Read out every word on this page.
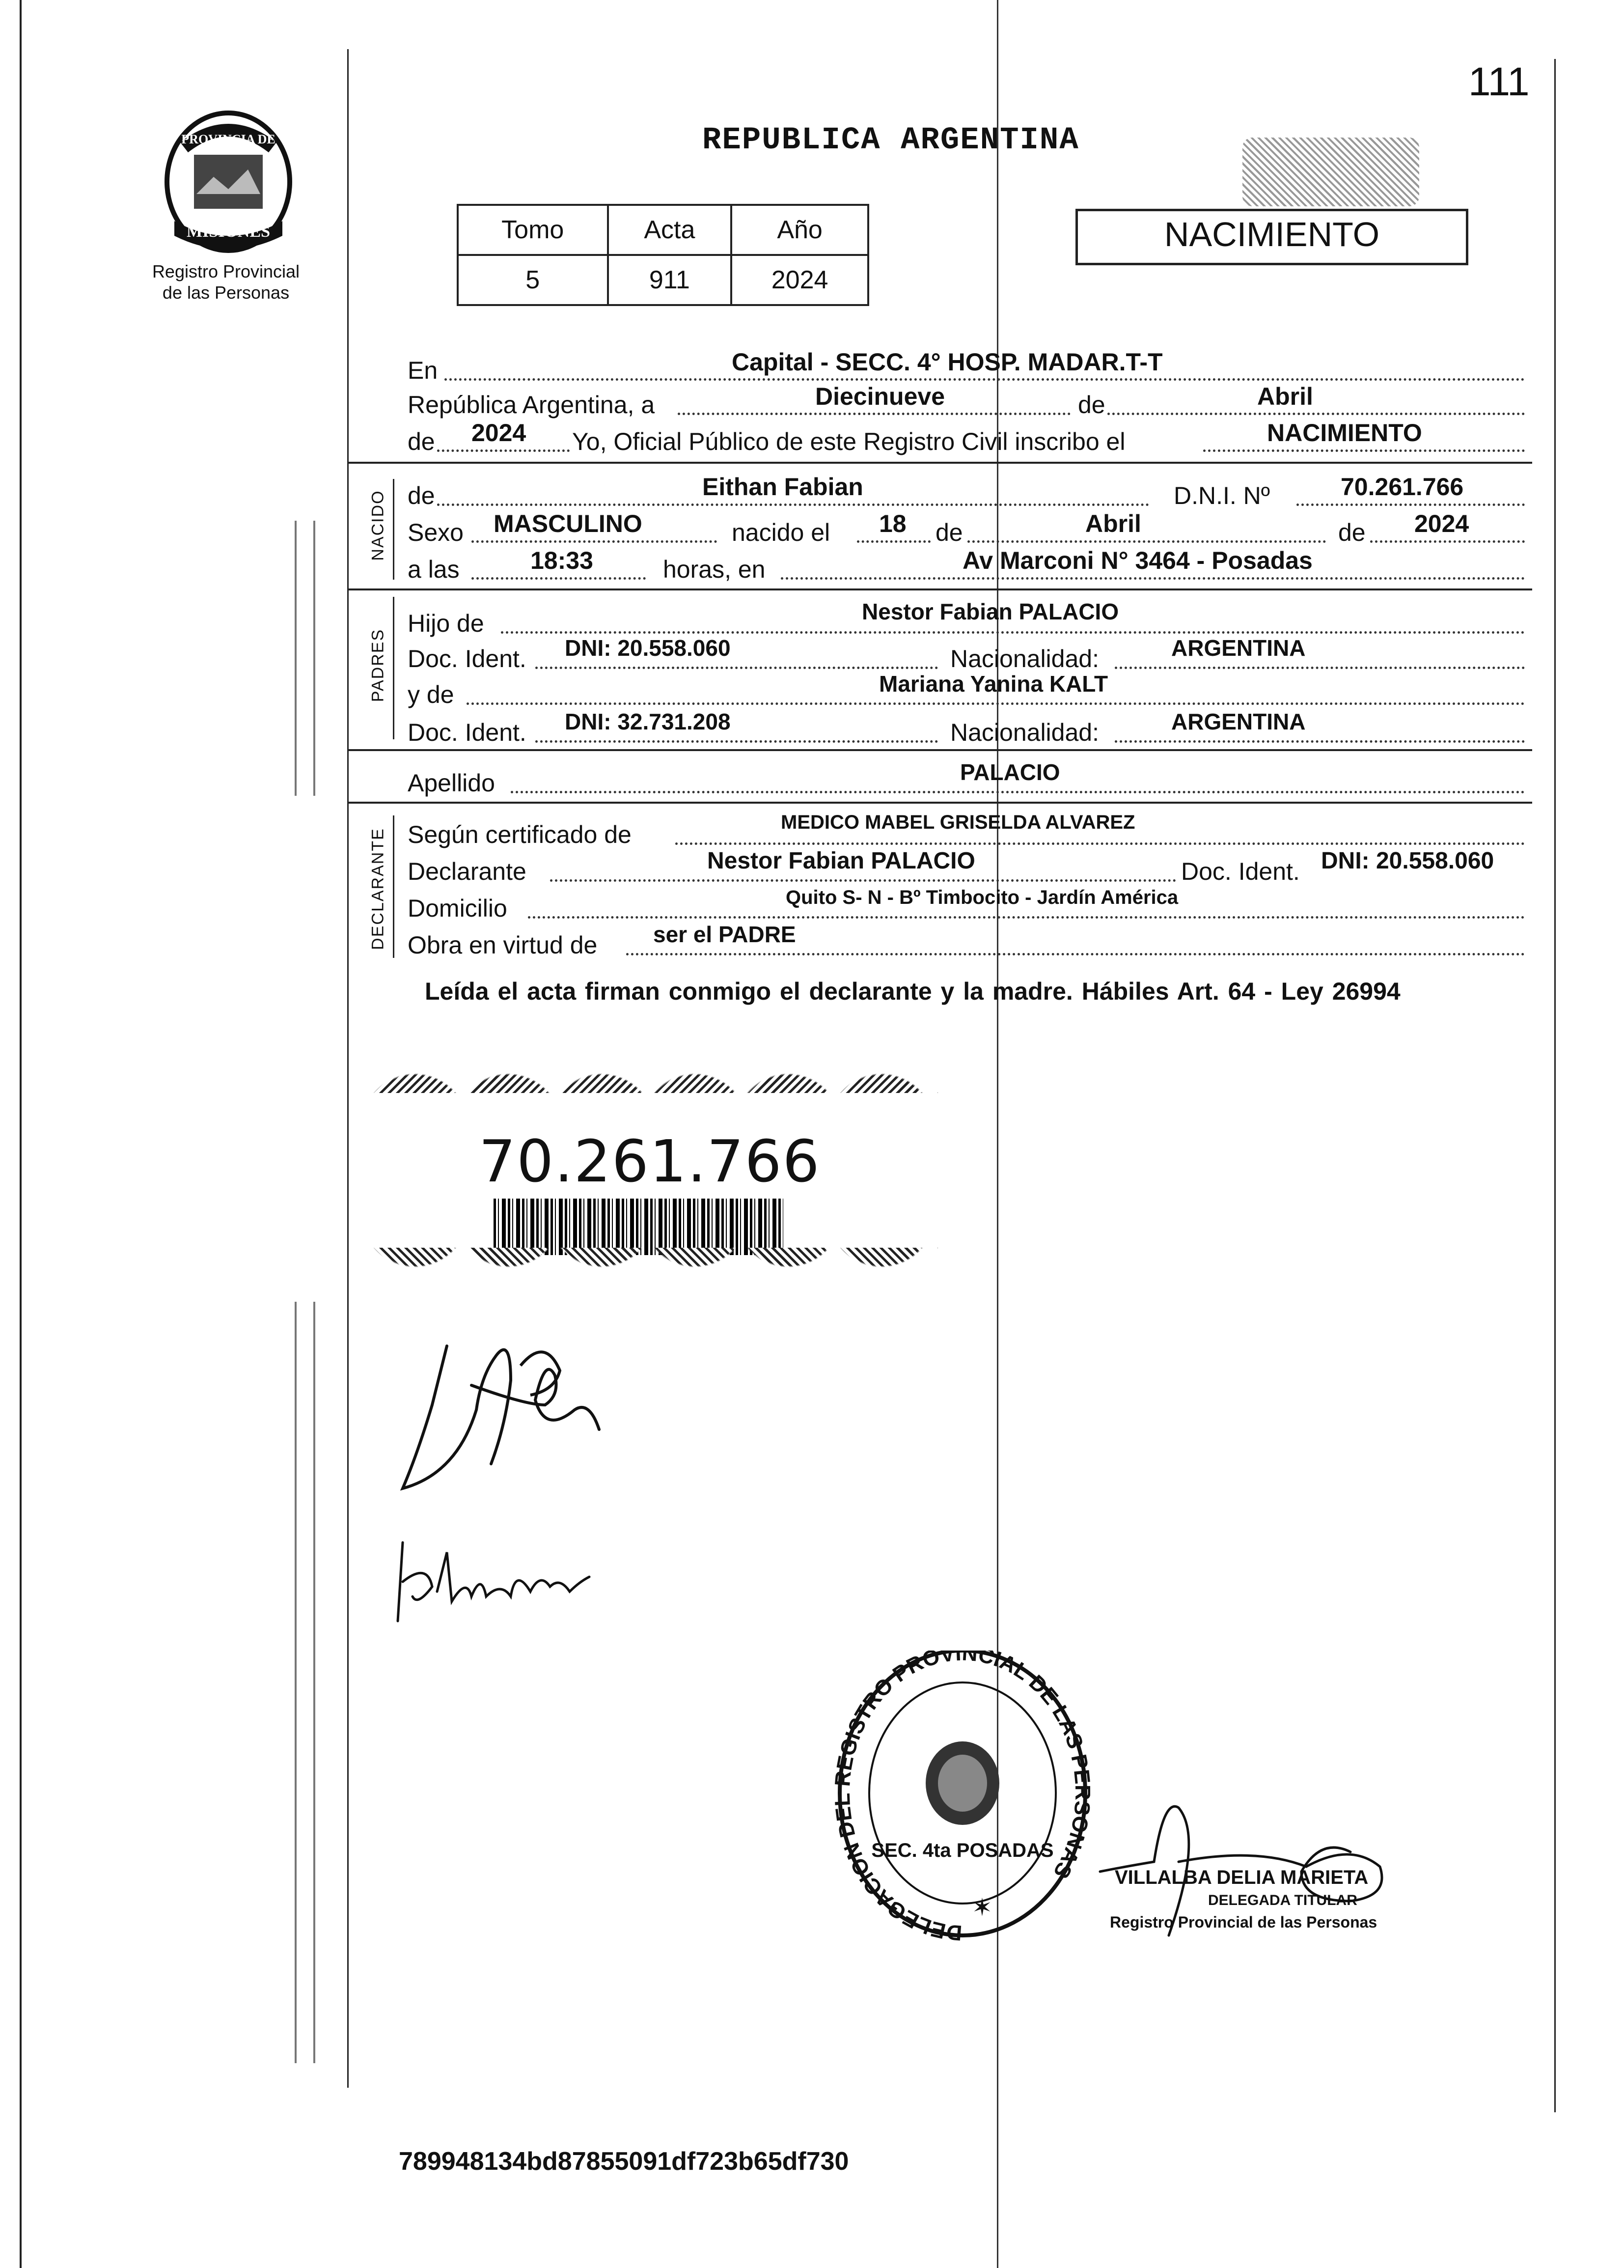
111
PROVINCIA DE
MISIONES
Registro Provincial
de las Personas
REPUBLICA ARGENTINA
NACIMIENTO
Tomo	Acta	Año
5	911	2024
En	Capital - SECC. 4° HOSP. MADAR.T-T
República Argentina, a	Diecinueve	de	Abril
de 2024 Yo, Oficial Público de este Registro Civil inscribo el	NACIMIENTO
NACIDO de	Eithan Fabian	D.N.I. Nº	70.261.766
Sexo MASCULINO	nacido el 18 de	Abril	de 2024
a las	18:33	horas, en	Av Marconi N° 3464 - Posadas
PADRES
Hijo de	Nestor Fabian PALACIO
Doc. Ident. DNI: 20.558.060	Nacionalidad:	ARGENTINA
y de	Mariana Yanina KALT
Doc. Ident. DNI: 32.731.208	Nacionalidad:	ARGENTINA
Apellido	PALACIO
DECLARANTE Según certificado de	MEDICO MABEL GRISELDA ALVAREZ
Declarante	Nestor Fabian PALACIO	Doc. Ident. DNI: 20.558.060
Domicilio	Quito S- N - Bº Timbocito - Jardín América
Obra en virtud de ser el PADRE
Leída el acta firman conmigo el declarante y la madre. Hábiles Art. 64 - Ley 26994
70.261.766
DELEGACION D GISTRO PROVINCIAL DE LAS P NAS
SEC. 4ta POSADAS
✶
VILLALBA DELIA MARIETA
DELEGADA TITULAR
Registro Provincial de las Personas
789948134bd87855091df723b65df730
